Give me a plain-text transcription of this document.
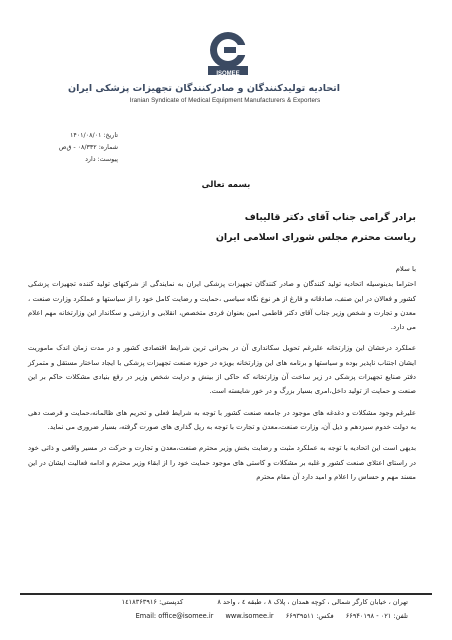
ISOMEE
اتحادیه تولیدکنندگان و صادرکنندگان تجهیزات پزشکی ایران
Iranian Syndicate of Medical Equipment Manufacturers & Exporters
تاریخ: ۱۴۰۱/۰۸/۰۱
شماره: ۰۸/۳۳۲ - ق‌ص
پیوست: دارد
بسمه تعالی
برادر گرامی جناب آقای دکتر قالیباف
ریاست محترم مجلس شورای اسلامی ایران

با سلام

احتراما بدینوسیله اتحادیه تولید کنندگان و صادر کنندگان تجهیزات پزشکی ایران به نمایندگی از شرکتهای تولید کننده تجهیزات پزشکی کشور و فعالان در این صنف، صادقانه و فارغ از هر نوع نگاه سیاسی ،حمایت و رضایت کامل خود را از سیاستها و عملکرد وزارت صنعت ، معدن و تجارت و شخص وزیر جناب آقای دکتر فاطمی امین بعنوان فردی متخصص، انقلابی و ارزشی و سکاندار این وزارتخانه مهم اعلام می دارد.

عملکرد درخشان این وزارتخانه علیرغم تحویل سکانداری آن در بحرانی ترین شرایط اقتصادی کشور و در مدت زمان اندک ماموریت ایشان اجتناب ناپذیر بوده و سیاستها و برنامه های این وزارتخانه بویژه در حوزه صنعت تجهیزات پزشکی با ایجاد ساختار مستقل و متمرکز دفتر صنایع تجهیزات پزشکی در زیر ساخت آن وزارتخانه که حاکی از بینش و درایت شخص وزیر در رفع بنیادی مشکلات حاکم بر این صنعت و حمایت از تولید داخل،امری بسیار بزرگ و در خور شایسته است.

علیرغم وجود مشکلات و دغدغه های موجود در جامعه صنعت کشور با توجه به شرایط فعلی و تحریم های ظالمانه،حمایت و فرصت دهی به دولت خدوم سیزدهم و ذیل آن، وزارت صنعت،معدن و تجارت با توجه به ریل گذاری های صورت گرفته، بسیار ضروری می نماید.

بدیهی است این اتحادیه با توجه به عملکرد مثبت و رضایت بخش وزیر محترم صنعت،معدن و تجارت و حرکت در مسیر واقعی و ذاتی خود در راستای اعتلای صنعت کشور و غلبه بر مشکلات و کاستی های موجود حمایت خود را از ابقاء وزیر محترم و ادامه فعالیت ایشان در این مسند مهم و حساس را اعلام و امید دارد آن مقام محترم

تهران ، خیابان کارگر شمالی ، کوچه همدان ، پلاک ۸ ، طبقه ٤ ، واحد ٨  کدپستی: ۱٤۱۸۳۶۳۹۱۶
تلفن: ۰۲۱ - ۶۶۹۴۰۱۹۸ فکس: ۶۶۹۳۹۵۱۱ Email: office@isomee.ir www.isomee.ir
